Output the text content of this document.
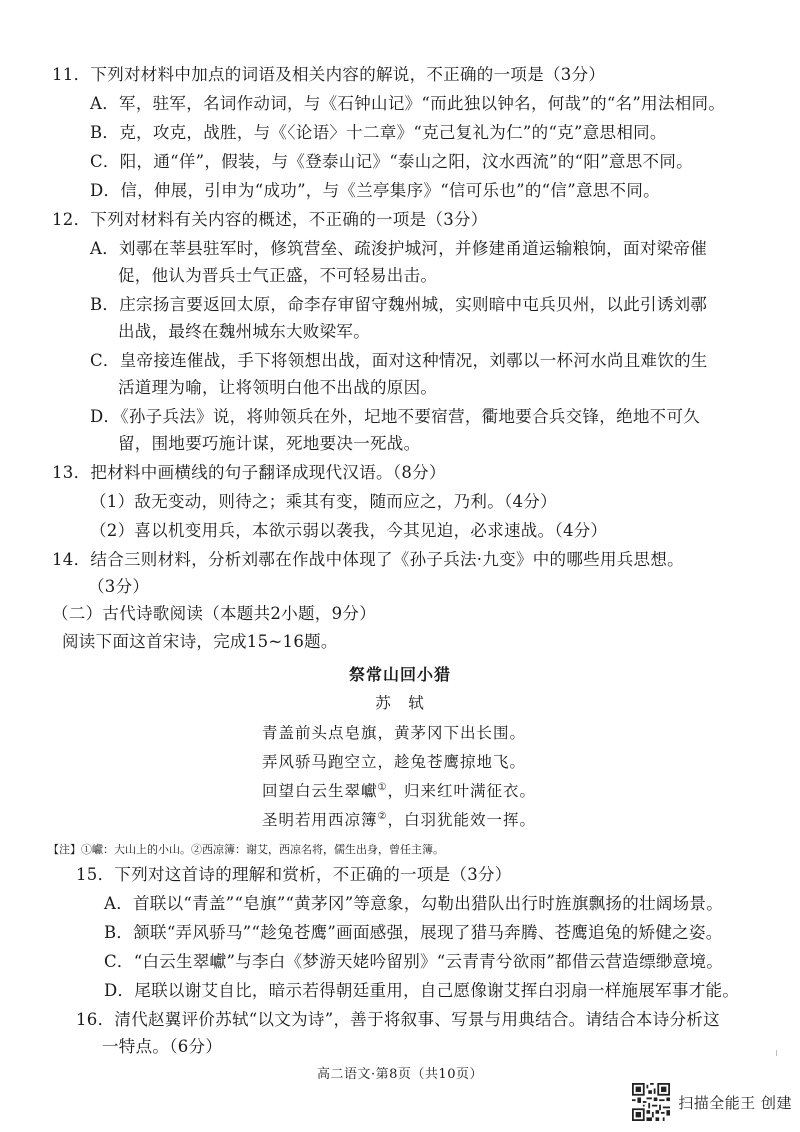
11．下列对材料中加点的词语及相关内容的解说，不正确的一项是（3分）
A．军，驻军，名词作动词，与《石钟山记》“而此独以钟名，何哉”的“名”用法相同。
B．克，攻克，战胜，与《〈论语〉十二章》“克己复礼为仁”的“克”意思相同。
C．阳，通“佯”，假装，与《登泰山记》“泰山之阳，汶水西流”的“阳”意思不同。
D．信，伸展，引申为“成功”，与《兰亭集序》“信可乐也”的“信”意思不同。
12．下列对材料有关内容的概述，不正确的一项是（3分）
A．刘鄩在莘县驻军时，修筑营垒、疏浚护城河，并修建甬道运输粮饷，面对梁帝催
促，他认为晋兵士气正盛，不可轻易出击。
B．庄宗扬言要返回太原，命李存审留守魏州城，实则暗中屯兵贝州，以此引诱刘鄩
出战，最终在魏州城东大败梁军。
C．皇帝接连催战，手下将领想出战，面对这种情况，刘鄩以一杯河水尚且难饮的生
活道理为喻，让将领明白他不出战的原因。
D．《孙子兵法》说，将帅领兵在外，圮地不要宿营，衢地要合兵交锋，绝地不可久
留，围地要巧施计谋，死地要决一死战。
13．把材料中画横线的句子翻译成现代汉语。（8分）
（1）敌无变动，则待之；乘其有变，随而应之，乃利。（4分）
（2）喜以机变用兵，本欲示弱以袭我，今其见迫，必求速战。（4分）
14．结合三则材料，分析刘鄩在作战中体现了《孙子兵法·九变》中的哪些用兵思想。
（3分）
（二）古代诗歌阅读（本题共2小题，9分）
阅读下面这首宋诗，完成15~16题。
祭常山回小猎
苏　轼
青盖前头点皂旗，黄茅冈下出长围。
弄风骄马跑空立，趁兔苍鹰掠地飞。
回望白云生翠巘①，归来红叶满征衣。
圣明若用西凉簿②，白羽犹能效一挥。
【注】①巘：大山上的小山。②西凉簿：谢艾，西凉名将，儒生出身，曾任主簿。
15．下列对这首诗的理解和赏析，不正确的一项是（3分）
A．首联以“青盖”“皂旗”“黄茅冈”等意象，勾勒出猎队出行时旌旗飘扬的壮阔场景。
B．颔联“弄风骄马”“趁兔苍鹰”画面感强，展现了猎马奔腾、苍鹰追兔的矫健之姿。
C．“白云生翠巘”与李白《梦游天姥吟留别》“云青青兮欲雨”都借云营造缥缈意境。
D．尾联以谢艾自比，暗示若得朝廷重用，自己愿像谢艾挥白羽扇一样施展军事才能。
16．清代赵翼评价苏轼“以文为诗”，善于将叙事、写景与用典结合。请结合本诗分析这
一特点。（6分）
高二语文·第8页（共10页）
扫描全能王 创建
